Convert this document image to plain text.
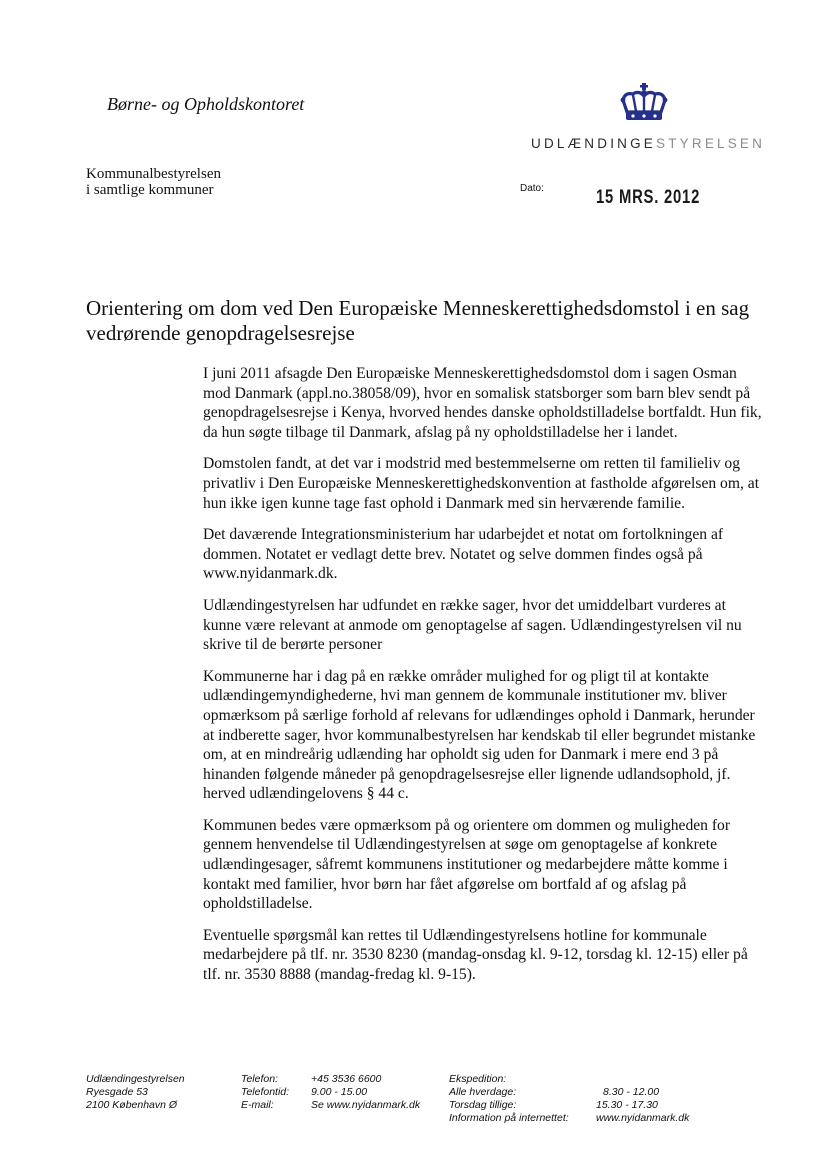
Børne- og Opholdskontoret
UDLÆNDINGESTYRELSEN
Kommunalbestyrelsen
i samtlige kommuner	Dato:	15 MRS. 2012
Orientering om dom ved Den Europæiske Menneskerettighedsdomstol i en sag vedrørende genopdragelsesrejse

I juni 2011 afsagde Den Europæiske Menneskerettighedsdomstol dom i sagen Osman mod Danmark (appl.no.38058/09), hvor en somalisk statsborger som barn blev sendt på genopdragelsesrejse i Kenya, hvorved hendes danske opholdstilladelse bortfaldt. Hun fik, da hun søgte tilbage til Danmark, afslag på ny opholdstilladelse her i landet.

Domstolen fandt, at det var i modstrid med bestemmelserne om retten til familieliv og privatliv i Den Europæiske Menneskerettighedskonvention at fastholde afgørelsen om, at hun ikke igen kunne tage fast ophold i Danmark med sin herværende familie.

Det daværende Integrationsministerium har udarbejdet et notat om fortolkningen af dommen. Notatet er vedlagt dette brev. Notatet og selve dommen findes også på www.nyidanmark.dk.

Udlændingestyrelsen har udfundet en række sager, hvor det umiddelbart vurderes at kunne være relevant at anmode om genoptagelse af sagen. Udlændingestyrelsen vil nu skrive til de berørte personer

Kommunerne har i dag på en række områder mulighed for og pligt til at kontakte udlændingemyndighederne, hvi man gennem de kommunale institutioner mv. bliver opmærksom på særlige forhold af relevans for udlændinges ophold i Danmark, herunder at indberette sager, hvor kommunalbestyrelsen har kendskab til eller begrundet mistanke om, at en mindreårig udlænding har opholdt sig uden for Danmark i mere end 3 på hinanden følgende måneder på genopdragelsesrejse eller lignende udlandsophold, jf. herved udlændingelovens § 44 c.

Kommunen bedes være opmærksom på og orientere om dommen og muligheden for gennem henvendelse til Udlændingestyrelsen at søge om genoptagelse af konkrete udlændingesager, såfremt kommunens institutioner og medarbejdere måtte komme i kontakt med familier, hvor børn har fået afgørelse om bortfald af og afslag på opholdstilladelse.

Eventuelle spørgsmål kan rettes til Udlændingestyrelsens hotline for kommunale medarbejdere på tlf. nr. 3530 8230 (mandag-onsdag kl. 9-12, torsdag kl. 12-15) eller på tlf. nr. 3530 8888 (mandag-fredag kl. 9-15).

Udlændingestyrelsen
Ryesgade 53
2100 København Ø
Telefon:
Telefontid:
E-mail:
+45 3536 6600
9.00 - 15.00
Se www.nyidanmark.dk
Ekspedition:
Alle hverdage:
Torsdag tillige:
Information på internettet:

8.30 - 12.00
15.30 - 17.30
www.nyidanmark.dk
